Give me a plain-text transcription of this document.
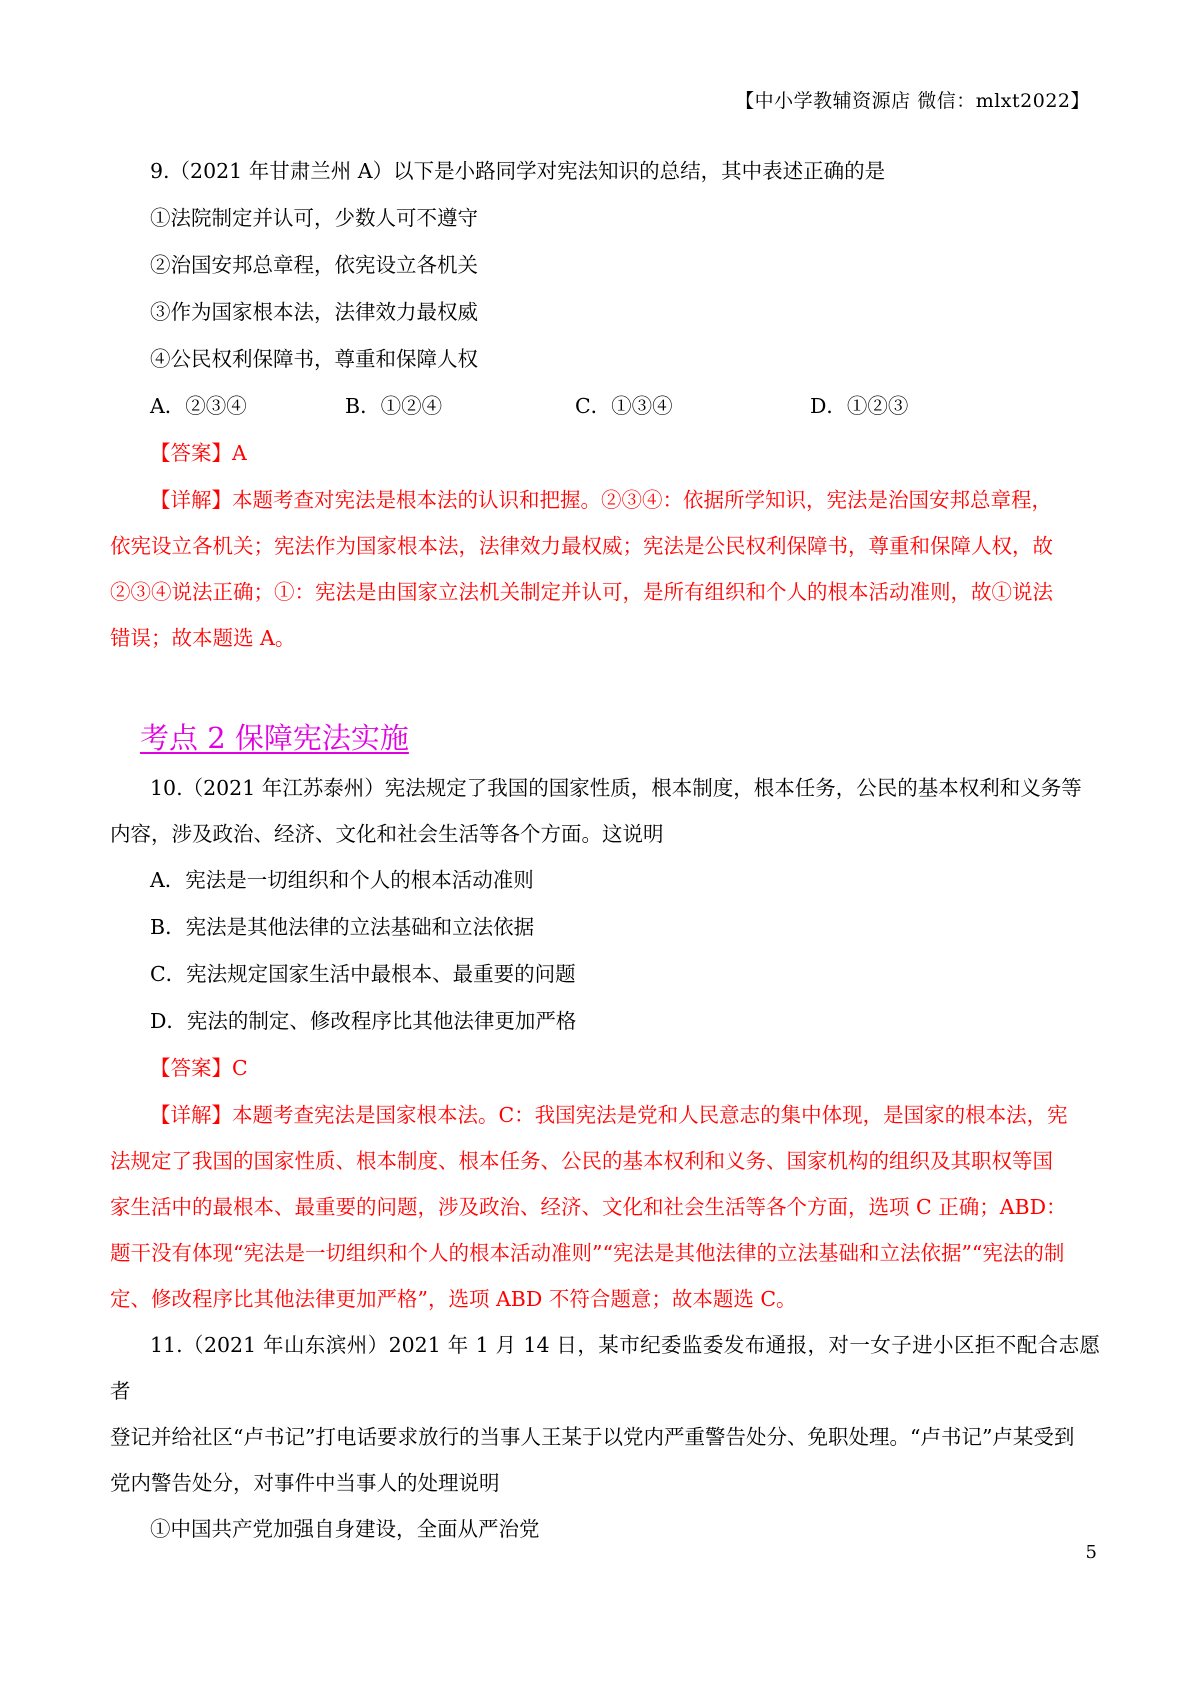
【中小学教辅资源店 微信：mlxt2022】

9.（2021 年甘肃兰州 A）以下是小路同学对宪法知识的总结，其中表述正确的是

①法院制定并认可，少数人可不遵守

②治国安邦总章程，依宪设立各机关

③作为国家根本法，法律效力最权威

④公民权利保障书，尊重和保障人权

A．②③④	B．①②④	C．①③④	D．①②③

【答案】A

【详解】本题考查对宪法是根本法的认识和把握。②③④：依据所学知识，宪法是治国安邦总章程，

依宪设立各机关；宪法作为国家根本法，法律效力最权威；宪法是公民权利保障书，尊重和保障人权，故

②③④说法正确；①：宪法是由国家立法机关制定并认可，是所有组织和个人的根本活动准则，故①说法

错误；故本题选 A。

考点 2 保障宪法实施

10.（2021 年江苏泰州）宪法规定了我国的国家性质，根本制度，根本任务，公民的基本权利和义务等

内容，涉及政治、经济、文化和社会生活等各个方面。这说明

A．宪法是一切组织和个人的根本活动准则

B．宪法是其他法律的立法基础和立法依据

C．宪法规定国家生活中最根本、最重要的问题

D．宪法的制定、修改程序比其他法律更加严格

【答案】C

【详解】本题考查宪法是国家根本法。C：我国宪法是党和人民意志的集中体现，是国家的根本法，宪

法规定了我国的国家性质、根本制度、根本任务、公民的基本权利和义务、国家机构的组织及其职权等国

家生活中的最根本、最重要的问题，涉及政治、经济、文化和社会生活等各个方面，选项 C 正确；ABD：

题干没有体现“宪法是一切组织和个人的根本活动准则”“宪法是其他法律的立法基础和立法依据”“宪法的制

定、修改程序比其他法律更加严格”，选项 ABD 不符合题意；故本题选 C。

11.（2021 年山东滨州）2021 年 1 月 14 日，某市纪委监委发布通报，对一女子进小区拒不配合志愿者

登记并给社区“卢书记”打电话要求放行的当事人王某于以党内严重警告处分、免职处理。“卢书记”卢某受到

党内警告处分，对事件中当事人的处理说明

①中国共产党加强自身建设，全面从严治党

5
